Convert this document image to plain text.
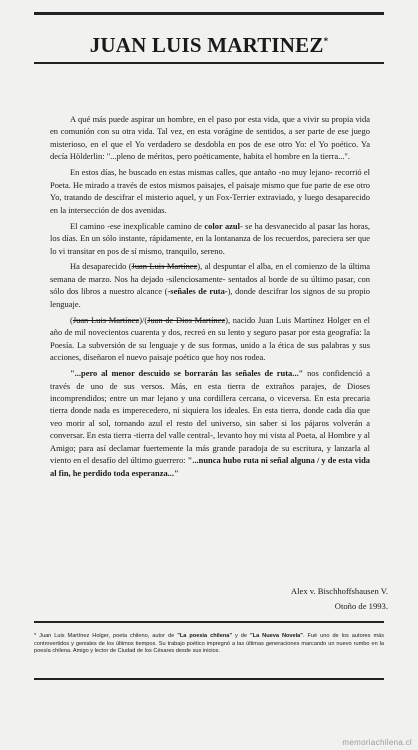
JUAN LUIS MARTINEZ*

A qué más puede aspirar un hombre, en el paso por esta vida, que a vivir su propia vida en comunión con su otra vida. Tal vez, en esta vorágine de sentidos, a ser parte de ese juego misterioso, en el que el Yo verdadero se desdobla en pos de ese otro Yo: el Yo poético. Ya decía Hölderlin: "...pleno de méritos, pero poéticamente, habita el hombre en la tierra...".

En estos días, he buscado en estas mismas calles, que antaño -no muy lejano- recorrió el Poeta. He mirado a través de estos mismos paisajes, el paisaje mismo que fue parte de ese otro Yo, tratando de descifrar el misterio aquel, y un Fox-Terrier extraviado, y luego desaparecido en la intersección de dos avenidas.

El camino -ese inexplicable camino de color azul- se ha desvanecido al pasar las horas, los días. En un sólo instante, rápidamente, en la lontananza de los recuerdos, pareciera ser que lo vi transitar en pos de sí mismo, tranquilo, sereno.

Ha desaparecido (Juan Luis Martínez), al despuntar el alba, en el comienzo de la última semana de marzo. Nos ha dejado -silenciosamente- sentados al borde de su último pasar, con sólo dos libros a nuestro alcance (-señales de ruta-), donde descifrar los signos de su propio lenguaje.

(Juan Luis Martínez)/(Juan de Dios Martínez), nacido Juan Luis Martínez Holger en el año de mil novecientos cuarenta y dos, recreó en su lento y seguro pasar por esta geografía: la Poesía. La subversión de su lenguaje y de sus formas, unido a la ética de sus palabras y sus acciones, diseñaron el nuevo paisaje poético que hoy nos rodea.

"...pero al menor descuido se borrarán las señales de ruta..." nos confidenció a través de uno de sus versos. Más, en esta tierra de extraños parajes, de Dioses incomprendidos; entre un mar lejano y una cordillera cercana, o viceversa. En esta precaria tierra donde nada es imperecedero, ni siquiera los ideales. En esta tierra, donde cada día que veo morir al sol, tornando azul el resto del universo, sin saber si los pájaros volverán a conversar. En esta tierra -tierra del valle central-, levanto hoy mi vista al Poeta, al Hombre y al Amigo; para así declamar fuertemente la más grande paradoja de su escritura, y lanzarla al viento en el desafío del último guerrero: "...nunca hubo ruta ni señal alguna / y de esta vida al fin, he perdido toda esperanza..."

Alex v. Bischhoffshausen V.
Otoño de 1993.
* Juan Luis Martínez Holger, poeta chileno, autor de "La poesía chilena" y de "La Nueva Novela". Fué uno de los autores más controvertidos y geniales de los últimos tiempos. Su trabajo poético impregnó a las últimas generaciones marcando un nuevo rumbo en la poesía chilena. Amigo y lector de Ciudad de los Césares desde sus inicios.
memoriachilena.cl
